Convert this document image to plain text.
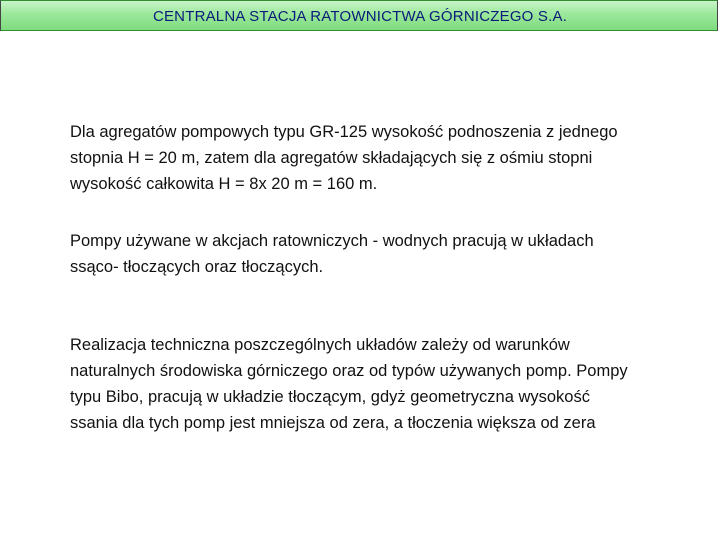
CENTRALNA STACJA RATOWNICTWA GÓRNICZEGO S.A.

Dla agregatów pompowych typu GR-125 wysokość podnoszenia z jednego
stopnia H = 20 m, zatem dla agregatów składających się z ośmiu stopni
wysokość całkowita H = 8x 20 m = 160 m.

Pompy używane w akcjach ratowniczych - wodnych pracują w układach
ssąco- tłoczących oraz tłoczących.

Realizacja techniczna poszczególnych układów zależy od warunków
naturalnych środowiska górniczego oraz od typów używanych pomp. Pompy
typu Bibo, pracują w układzie tłoczącym, gdyż geometryczna wysokość
ssania dla tych pomp jest mniejsza od zera, a tłoczenia większa od zera
